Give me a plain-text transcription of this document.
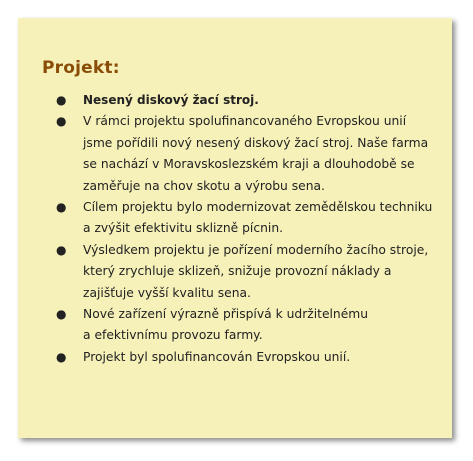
Projekt:
● Nesený diskový žací stroj.
● V rámci projektu spolufinancovaného Evropskou unií jsme pořídili nový nesený diskový žací stroj. Naše farma se nachází v Moravskoslezském kraji a dlouhodobě se zaměřuje na chov skotu a výrobu sena.
● Cílem projektu bylo modernizovat zemědělskou techniku a zvýšit efektivitu sklizně pícnin.
● Výsledkem projektu je pořízení moderního žacího stroje, který zrychluje sklizeň, snižuje provozní náklady a zajišťuje vyšší kvalitu sena.
● Nové zařízení výrazně přispívá k udržitelnému
a efektivnímu provozu farmy.
● Projekt byl spolufinancován Evropskou unií.
